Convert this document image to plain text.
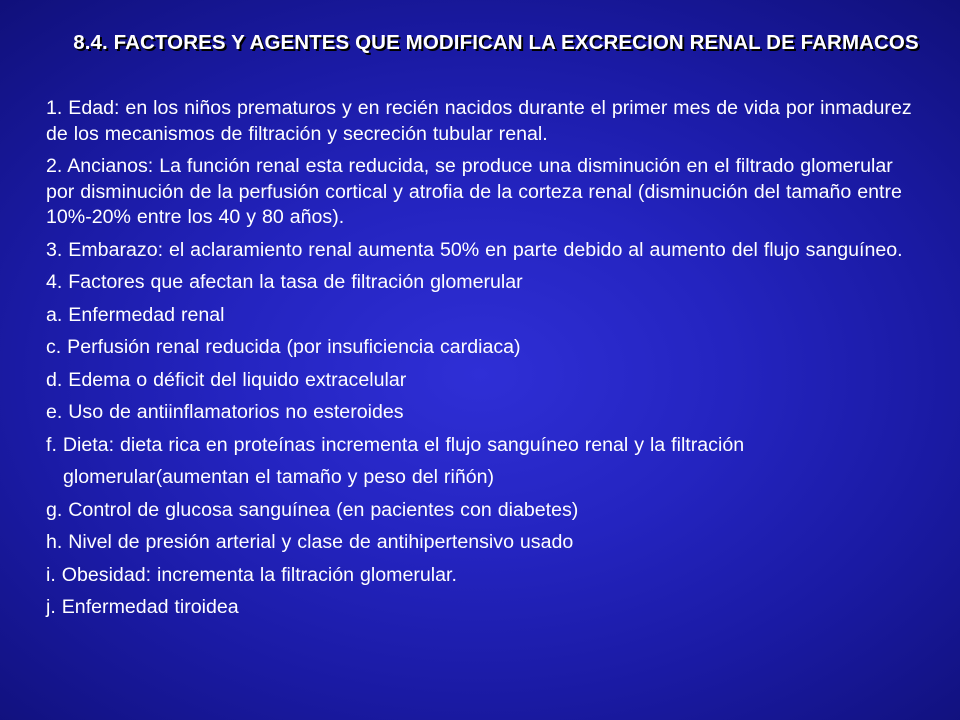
8.4. FACTORES Y AGENTES QUE MODIFICAN LA EXCRECION RENAL DE FARMACOS

1. Edad: en los niños prematuros y en recién nacidos durante el primer mes de vida por inmadurez de los mecanismos de filtración y secreción tubular renal.

2. Ancianos: La función renal esta reducida, se produce una disminución en el filtrado glomerular por disminución de la perfusión cortical y atrofia de la corteza renal (disminución del tamaño entre 10%-20% entre los 40 y 80 años).

3. Embarazo: el aclaramiento renal aumenta 50% en parte debido al aumento del flujo sanguíneo.

4. Factores que afectan la tasa de filtración glomerular

a. Enfermedad renal

c. Perfusión renal reducida (por insuficiencia cardiaca)

d. Edema o déficit del liquido extracelular

e. Uso de antiinflamatorios no esteroides

f. Dieta: dieta rica en proteínas incrementa el flujo sanguíneo renal y la filtración

glomerular(aumentan el tamaño y peso del riñón)

g. Control de glucosa sanguínea (en pacientes con diabetes)

h. Nivel de presión arterial y clase de antihipertensivo usado

i. Obesidad: incrementa la filtración glomerular.

j. Enfermedad tiroidea
